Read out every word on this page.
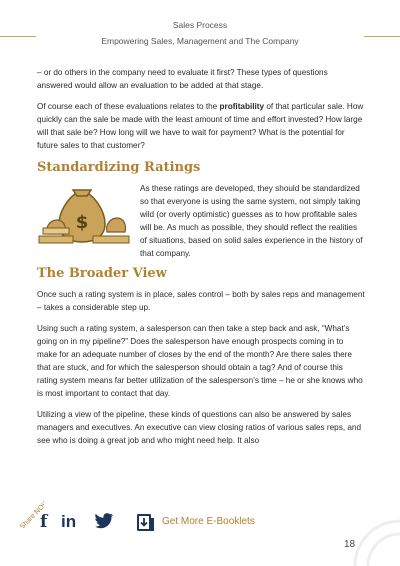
Sales Process
Empowering Sales, Management and The Company

– or do others in the company need to evaluate it first? These types of questions answered would allow an evaluation to be added at that stage.

Of course each of these evaluations relates to the profitability of that particular sale. How quickly can the sale be made with the least amount of time and effort invested? How large will that sale be? How long will we have to wait for payment? What is the potential for future sales to that customer?

Standardizing Ratings
$
As these ratings are developed, they should be standardized so that everyone is using the same system, not simply taking wild (or overly optimistic) guesses as to how profitable sales will be. As much as possible, they should reflect the realities of situations, based on solid sales experience in the history of that company.
The Broader View

Once such a rating system is in place, sales control – both by sales reps and management – takes a considerable step up.

Using such a rating system, a salesperson can then take a step back and ask, “What’s going on in my pipeline?” Does the salesperson have enough prospects coming in to make for an adequate number of closes by the end of the month? Are there sales there that are stuck, and for which the salesperson should obtain a tag? And of course this rating system means far better utilization of the salesperson’s time – he or she knows who is most important to contact that day.

Utilizing a view of the pipeline, these kinds of questions can also be answered by sales managers and executives. An executive can view closing ratios of various sales reps, and see who is doing a great job and who might need help. It also

Share NOW
f in	Get More E-Booklets
18
